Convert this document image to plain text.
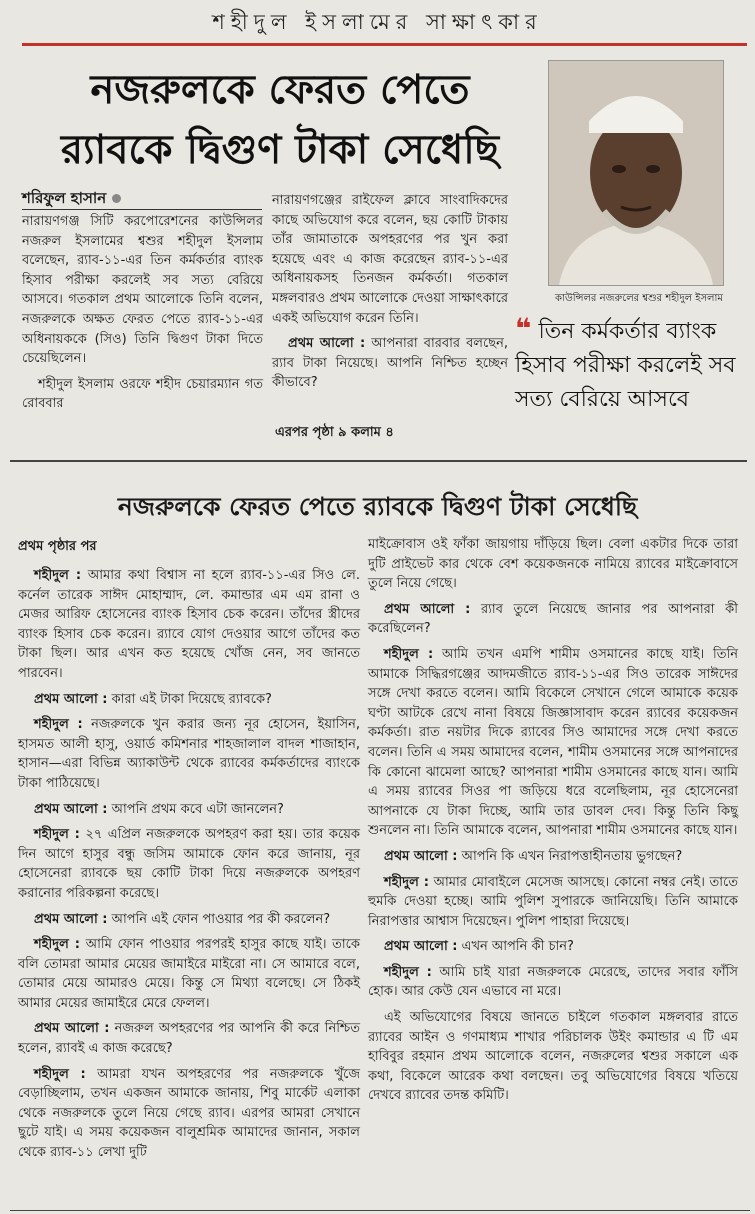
শহীদুল ইসলামের সাক্ষাৎকার
নজরুলকে ফেরত পেতে
র‍্যাবকে দ্বিগুণ টাকা সেধেছি
কাউন্সিলর নজরুলের শ্বশুর শহীদুল ইসলাম
❝ তিন কর্মকর্তার ব্যাংক হিসাব পরীক্ষা করলেই সব সত্য বেরিয়ে আসবে
শরিফুল হাসান

নারায়ণগঞ্জ সিটি করপোরেশনের কাউন্সিলর নজরুল ইসলামের শ্বশুর শহীদুল ইসলাম বলেছেন, র‍্যাব-১১-এর তিন কর্মকর্তার ব্যাংক হিসাব পরীক্ষা করলেই সব সত্য বেরিয়ে আসবে। গতকাল প্রথম আলোকে তিনি বলেন, নজরুলকে অক্ষত ফেরত পেতে র‍্যাব-১১-এর অধিনায়ককে (সিও) তিনি দ্বিগুণ টাকা দিতে চেয়েছিলেন।

শহীদুল ইসলাম ওরফে শহীদ চেয়ারম্যান গত রোববার

নারায়ণগঞ্জের রাইফেল ক্লাবে সাংবাদিকদের কাছে অভিযোগ করে বলেন, ছয় কোটি টাকায় তাঁর জামাতাকে অপহরণের পর খুন করা হয়েছে এবং এ কাজ করেছেন র‍্যাব-১১-এর অধিনায়কসহ তিনজন কর্মকর্তা। গতকাল মঙ্গলবারও প্রথম আলোকে দেওয়া সাক্ষাৎকারে একই অভিযোগ করেন তিনি।

প্রথম আলো : আপনারা বারবার বলছেন, র‍্যাব টাকা নিয়েছে। আপনি নিশ্চিত হচ্ছেন কীভাবে?

এরপর পৃষ্ঠা ৯ কলাম ৪
নজরুলকে ফেরত পেতে র‍্যাবকে দ্বিগুণ টাকা সেধেছি
প্রথম পৃষ্ঠার পর

শহীদুল : আমার কথা বিশ্বাস না হলে র‍্যাব-১১-এর সিও লে. কর্নেল তারেক সাঈদ মোহাম্মাদ, লে. কমান্ডার এম এম রানা ও মেজর আরিফ হোসেনের ব্যাংক হিসাব চেক করেন। তাঁদের স্ত্রীদের ব্যাংক হিসাব চেক করেন। র‍্যাবে যোগ দেওয়ার আগে তাঁদের কত টাকা ছিল। আর এখন কত হয়েছে খোঁজ নেন, সব জানতে পারবেন।

প্রথম আলো : কারা এই টাকা দিয়েছে র‍্যাবকে?

শহীদুল : নজরুলকে খুন করার জন্য নূর হোসেন, ইয়াসিন, হাসমত আলী হাসু, ওয়ার্ড কমিশনার শাহজালাল বাদল শাজাহান, হাসান—এরা বিভিন্ন অ্যাকাউন্ট থেকে র‍্যাবের কর্মকর্তাদের ব্যাংকে টাকা পাঠিয়েছে।

প্রথম আলো : আপনি প্রথম কবে এটা জানলেন?

শহীদুল : ২৭ এপ্রিল নজরুলকে অপহরণ করা হয়। তার কয়েক দিন আগে হাসুর বন্ধু জসিম আমাকে ফোন করে জানায়, নূর হোসেনেরা র‍্যাবকে ছয় কোটি টাকা দিয়ে নজরুলকে অপহরণ করানোর পরিকল্পনা করেছে।

প্রথম আলো : আপনি এই ফোন পাওয়ার পর কী করলেন?

শহীদুল : আমি ফোন পাওয়ার পরপরই হাসুর কাছে যাই। তাকে বলি তোমরা আমার মেয়ের জামাইরে মাইরো না। সে আমারে বলে, তোমার মেয়ে আমারও মেয়ে। কিন্তু সে মিথ্যা বলেছে। সে ঠিকই আমার মেয়ের জামাইরে মেরে ফেলল।

প্রথম আলো : নজরুল অপহরণের পর আপনি কী করে নিশ্চিত হলেন, র‍্যাবই এ কাজ করেছে?

শহীদুল : আমরা যখন অপহরণের পর নজরুলকে খুঁজে বেড়াচ্ছিলাম, তখন একজন আমাকে জানায়, শিবু মার্কেট এলাকা থেকে নজরুলকে তুলে নিয়ে গেছে র‍্যাব। এরপর আমরা সেখানে ছুটে যাই। এ সময় কয়েকজন বালুশ্রমিক আমাদের জানান, সকাল থেকে র‍্যাব-১১ লেখা দুটি

মাইক্রোবাস ওই ফাঁকা জায়গায় দাঁড়িয়ে ছিল। বেলা একটার দিকে তারা দুটি প্রাইভেট কার থেকে বেশ কয়েকজনকে নামিয়ে র‍্যাবের মাইক্রোবাসে তুলে নিয়ে গেছে।

প্রথম আলো : র‍্যাব তুলে নিয়েছে জানার পর আপনারা কী করেছিলেন?

শহীদুল : আমি তখন এমপি শামীম ওসমানের কাছে যাই। তিনি আমাকে সিদ্ধিরগঞ্জের আদমজীতে র‍্যাব-১১-এর সিও তারেক সাঈদের সঙ্গে দেখা করতে বলেন। আমি বিকেলে সেখানে গেলে আমাকে কয়েক ঘণ্টা আটকে রেখে নানা বিষয়ে জিজ্ঞাসাবাদ করেন র‍্যাবের কয়েকজন কর্মকর্তা। রাত নয়টার দিকে র‍্যাবের সিও আমাদের সঙ্গে দেখা করতে বলেন। তিনি এ সময় আমাদের বলেন, শামীম ওসমানের সঙ্গে আপনাদের কি কোনো ঝামেলা আছে? আপনারা শামীম ওসমানের কাছে যান। আমি এ সময় র‍্যাবের সিওর পা জড়িয়ে ধরে বলেছিলাম, নূর হোসেনেরা আপনাকে যে টাকা দিচ্ছে, আমি তার ডাবল দেব। কিন্তু তিনি কিছু শুনলেন না। তিনি আমাকে বলেন, আপনারা শামীম ওসমানের কাছে যান।

প্রথম আলো : আপনি কি এখন নিরাপত্তাহীনতায় ভুগছেন?

শহীদুল : আমার মোবাইলে মেসেজ আসছে। কোনো নম্বর নেই। তাতে হুমকি দেওয়া হচ্ছে। আমি পুলিশ সুপারকে জানিয়েছি। তিনি আমাকে নিরাপত্তার আশ্বাস দিয়েছেন। পুলিশ পাহারা দিয়েছে।

প্রথম আলো : এখন আপনি কী চান?

শহীদুল : আমি চাই যারা নজরুলকে মেরেছে, তাদের সবার ফাঁসি হোক। আর কেউ যেন এভাবে না মরে।

এই অভিযোগের বিষয়ে জানতে চাইলে গতকাল মঙ্গলবার রাতে র‍্যাবের আইন ও গণমাধ্যম শাখার পরিচালক উইং কমান্ডার এ টি এম হাবিবুর রহমান প্রথম আলোকে বলেন, নজরুলের শ্বশুর সকালে এক কথা, বিকেলে আরেক কথা বলছেন। তবু অভিযোগের বিষয়ে খতিয়ে দেখবে র‍্যাবের তদন্ত কমিটি।
